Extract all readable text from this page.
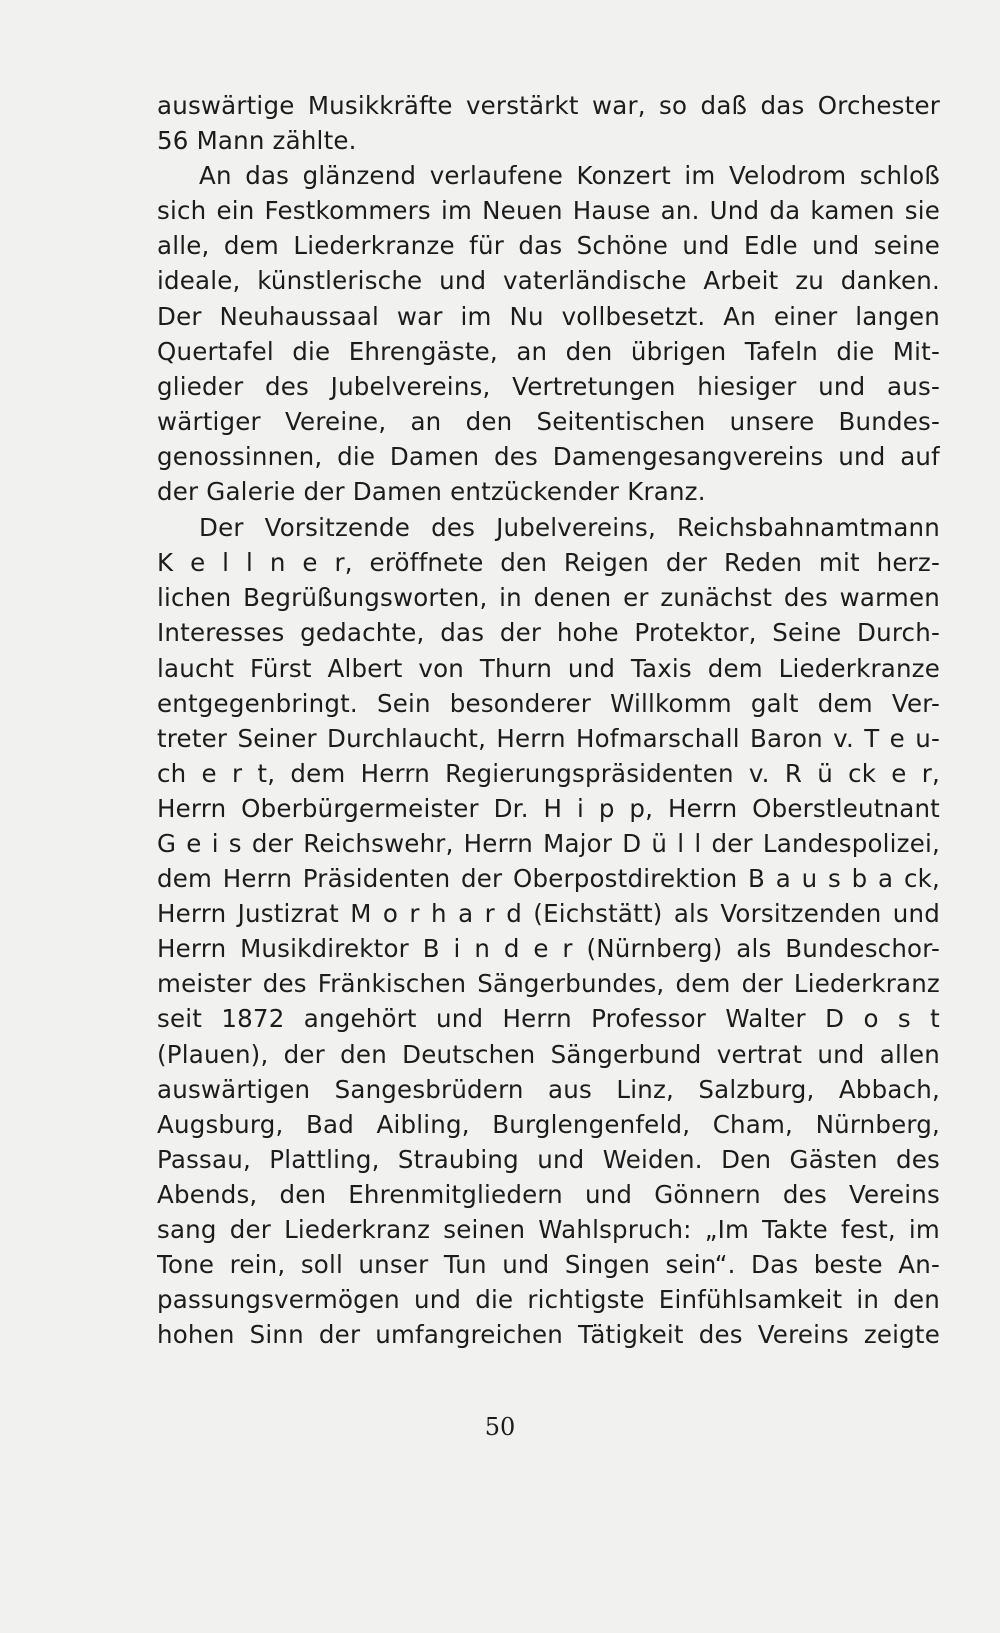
auswärtige Musikkräfte verstärkt war, so daß das Orchester
56 Mann zählte.
An das glänzend verlaufene Konzert im Velodrom schloß
sich ein Festkommers im Neuen Hause an. Und da kamen sie
alle, dem Liederkranze für das Schöne und Edle und seine
ideale, künstlerische und vaterländische Arbeit zu danken.
Der Neuhaussaal war im Nu vollbesetzt. An einer langen
Quertafel die Ehrengäste, an den übrigen Tafeln die Mit-
glieder des Jubelvereins, Vertretungen hiesiger und aus-
wärtiger Vereine, an den Seitentischen unsere Bundes-
genossinnen, die Damen des Damengesangvereins und auf
der Galerie der Damen entzückender Kranz.
Der Vorsitzende des Jubelvereins, Reichsbahnamtmann
K e l l n e r, eröffnete den Reigen der Reden mit herz-
lichen Begrüßungsworten, in denen er zunächst des warmen
Interesses gedachte, das der hohe Protektor, Seine Durch-
laucht Fürst Albert von Thurn und Taxis dem Liederkranze
entgegenbringt. Sein besonderer Willkomm galt dem Ver-
treter Seiner Durchlaucht, Herrn Hofmarschall Baron v. T e u-
ch e r t, dem Herrn Regierungspräsidenten v. R ü ck e r,
Herrn Oberbürgermeister Dr. H i p p, Herrn Oberstleutnant
G e i s der Reichswehr, Herrn Major D ü l l der Landespolizei,
dem Herrn Präsidenten der Oberpostdirektion B a u s b a ck,
Herrn Justizrat M o r h a r d (Eichstätt) als Vorsitzenden und
Herrn Musikdirektor B i n d e r (Nürnberg) als Bundeschor-
meister des Fränkischen Sängerbundes, dem der Liederkranz
seit 1872 angehört und Herrn Professor Walter D o s t
(Plauen), der den Deutschen Sängerbund vertrat und allen
auswärtigen Sangesbrüdern aus Linz, Salzburg, Abbach,
Augsburg, Bad Aibling, Burglengenfeld, Cham, Nürnberg,
Passau, Plattling, Straubing und Weiden. Den Gästen des
Abends, den Ehrenmitgliedern und Gönnern des Vereins
sang der Liederkranz seinen Wahlspruch: „Im Takte fest, im
Tone rein, soll unser Tun und Singen sein“. Das beste An-
passungsvermögen und die richtigste Einfühlsamkeit in den
hohen Sinn der umfangreichen Tätigkeit des Vereins zeigte
50
